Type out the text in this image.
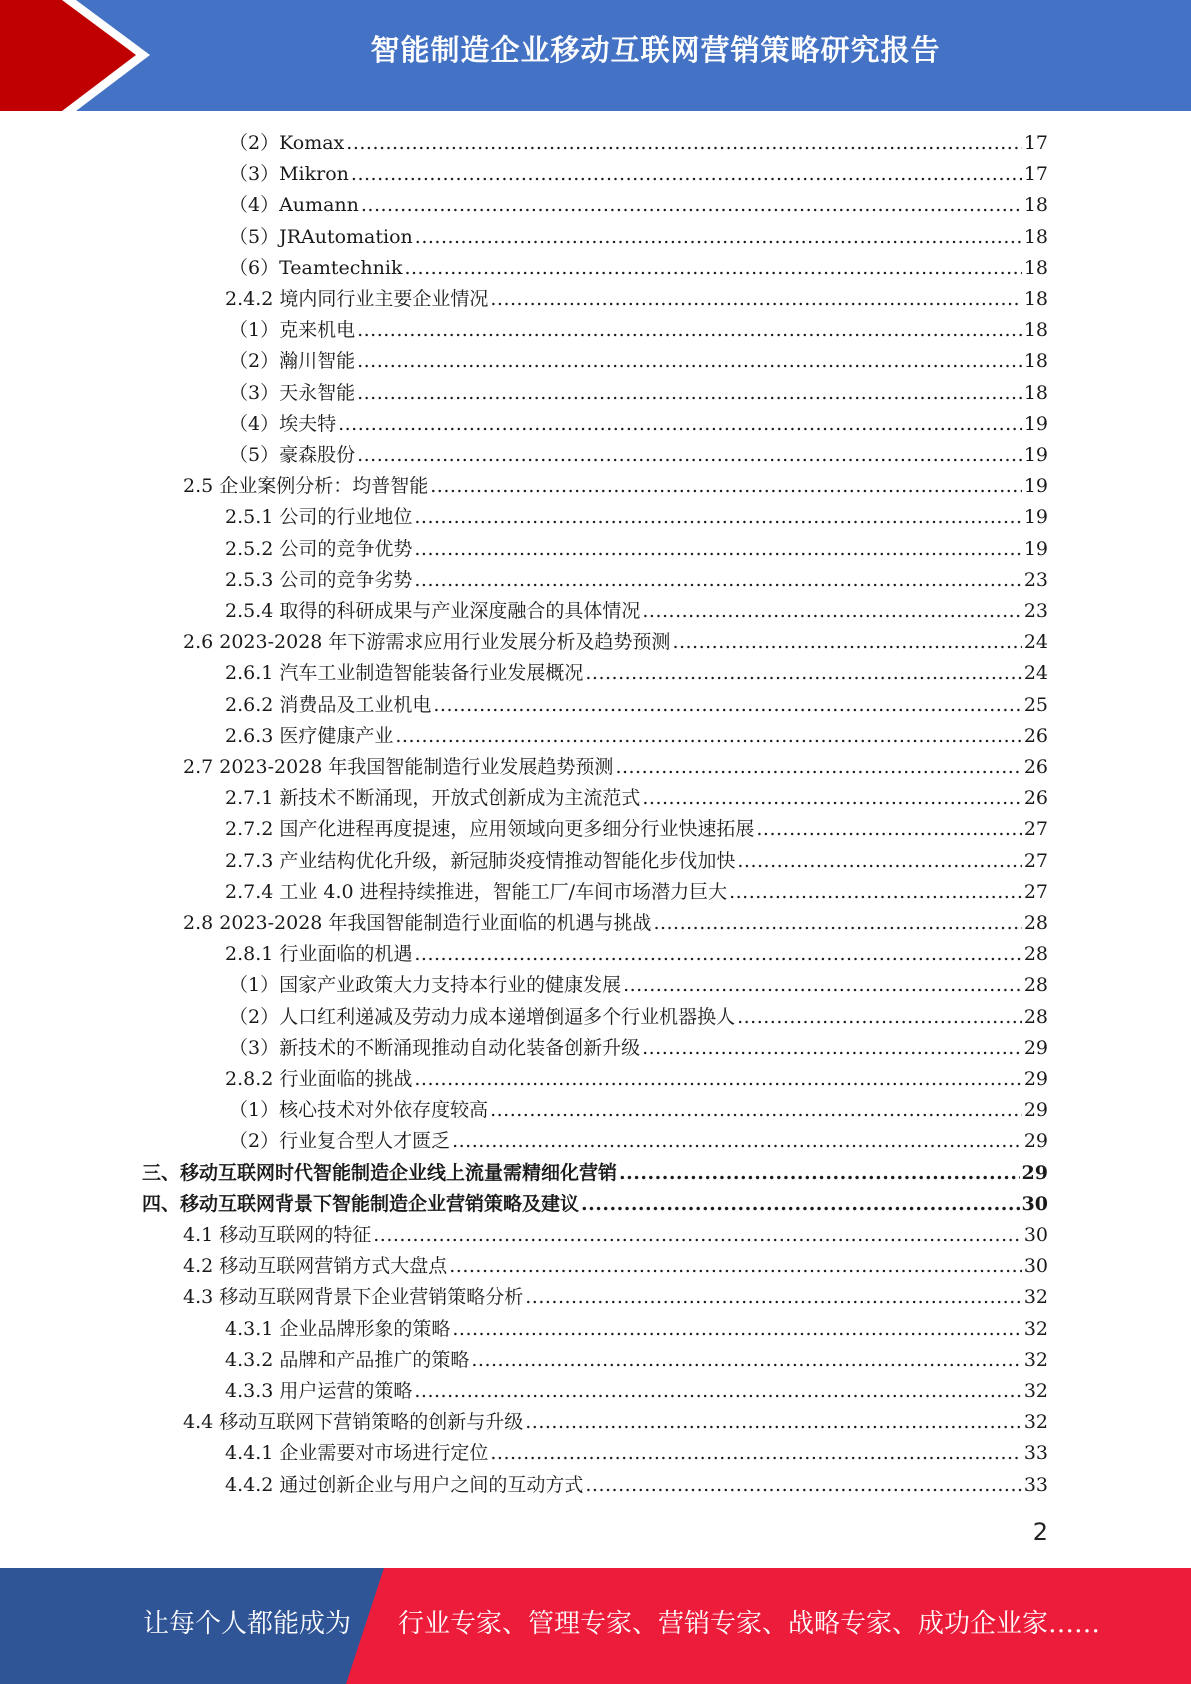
智能制造企业移动互联网营销策略研究报告
（2）Komax .....	17
（3）Mikron .....	17
（4）Aumann .....	18
（5）JRAutomation .....	18
（6）Teamtechnik .....	18
2.4.2 境内同行业主要企业情况 .....	18
（1）克来机电 .....	18
（2）瀚川智能 .....	18
（3）天永智能 .....	18
（4）埃夫特 .....	19
（5）豪森股份 .....	19
2.5 企业案例分析：均普智能 .....	19
2.5.1 公司的行业地位 .....	19
2.5.2 公司的竞争优势 .....	19
2.5.3 公司的竞争劣势 .....	23
2.5.4 取得的科研成果与产业深度融合的具体情况 .....	23
2.6 2023-2028 年下游需求应用行业发展分析及趋势预测 .....	24
2.6.1 汽车工业制造智能装备行业发展概况 .....	24
2.6.2 消费品及工业机电 .....	25
2.6.3 医疗健康产业 .....	26
2.7 2023-2028 年我国智能制造行业发展趋势预测 .....	26
2.7.1 新技术不断涌现，开放式创新成为主流范式 .....	26
2.7.2 国产化进程再度提速，应用领域向更多细分行业快速拓展 .....	27
2.7.3 产业结构优化升级，新冠肺炎疫情推动智能化步伐加快 .....	27
2.7.4 工业 4.0 进程持续推进，智能工厂/车间市场潜力巨大 .....	27
2.8 2023-2028 年我国智能制造行业面临的机遇与挑战 .....	28
2.8.1 行业面临的机遇 .....	28
（1）国家产业政策大力支持本行业的健康发展 .....	28
（2）人口红利递减及劳动力成本递增倒逼多个行业机器换人 .....	28
（3）新技术的不断涌现推动自动化装备创新升级 .....	29
2.8.2 行业面临的挑战 .....	29
（1）核心技术对外依存度较高 .....	29
（2）行业复合型人才匮乏 .....	29
三、移动互联网时代智能制造企业线上流量需精细化营销 .....	29
四、移动互联网背景下智能制造企业营销策略及建议 .....	30
4.1 移动互联网的特征 .....	30
4.2 移动互联网营销方式大盘点 .....	30
4.3 移动互联网背景下企业营销策略分析 .....	32
4.3.1 企业品牌形象的策略 .....	32
4.3.2 品牌和产品推广的策略 .....	32
4.3.3 用户运营的策略 .....	32
4.4 移动互联网下营销策略的创新与升级 .....	32
4.4.1 企业需要对市场进行定位 .....	33
4.4.2 通过创新企业与用户之间的互动方式 .....	33
2
让每个人都能成为 行业专家、管理专家、营销专家、战略专家、成功企业家……
